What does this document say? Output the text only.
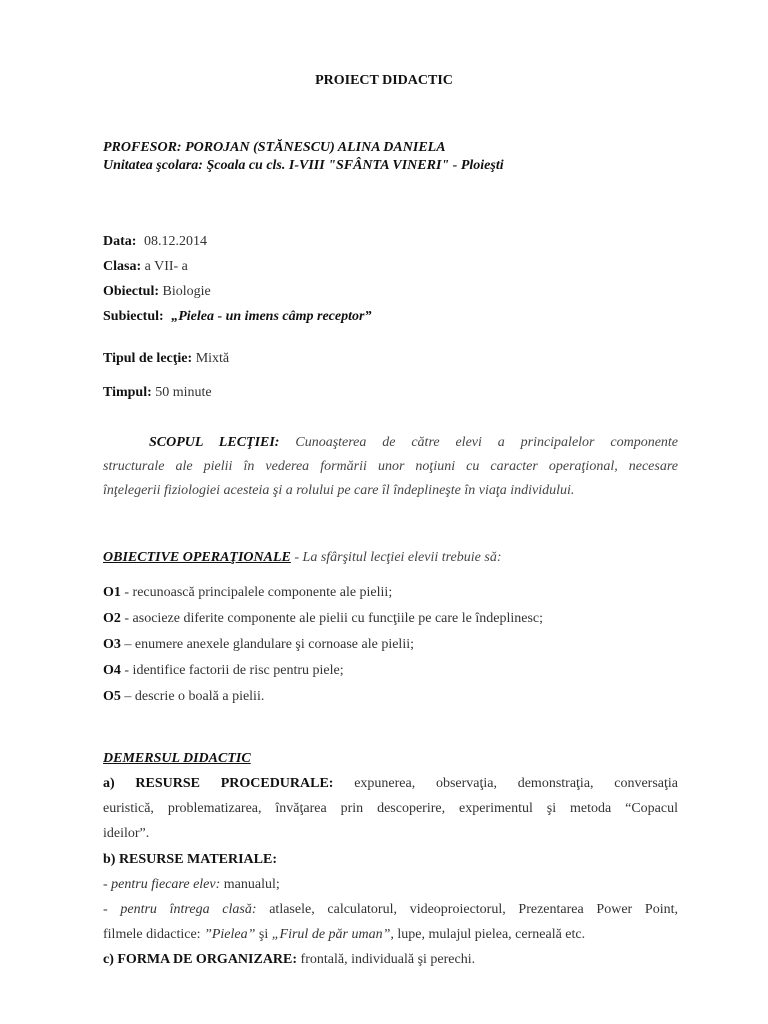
PROIECT DIDACTIC
PROFESOR: POROJAN (STĂNESCU) ALINA DANIELA
Unitatea şcolara: Şcoala cu cls. I-VIII "SFÂNTA VINERI" - Ploieşti
Data: 08.12.2014
Clasa: a VII- a
Obiectul: Biologie
Subiectul: „Pielea - un imens câmp receptor”
Tipul de lecţie: Mixtă
Timpul: 50 minute
SCOPUL LECŢIEI: Cunoaşterea de către elevi a principalelor componente
structurale ale pielii în vederea formării unor noţiuni cu caracter operaţional, necesare
înţelegerii fiziologiei acesteia şi a rolului pe care îl îndeplineşte în viaţa individului.
OBIECTIVE OPERAŢIONALE - La sfârşitul lecţiei elevii trebuie să:
O1 - recunoască principalele componente ale pielii;
O2 - asocieze diferite componente ale pielii cu funcţiile pe care le îndeplinesc;
O3 – enumere anexele glandulare şi cornoase ale pielii;
O4 - identifice factorii de risc pentru piele;
O5 – descrie o boală a pielii.
DEMERSUL DIDACTIC
a) RESURSE PROCEDURALE: expunerea, observaţia, demonstraţia, conversaţia
euristică, problematizarea, învăţarea prin descoperire, experimentul şi metoda “Copacul
ideilor”.
b) RESURSE MATERIALE:
- pentru fiecare elev: manualul;
- pentru întrega clasă: atlasele, calculatorul, videoproiectorul, Prezentarea Power Point,
filmele didactice: ”Pielea” şi „Firul de păr uman”, lupe, mulajul pielea, cerneală etc.
c) FORMA DE ORGANIZARE: frontală, individuală şi perechi.
